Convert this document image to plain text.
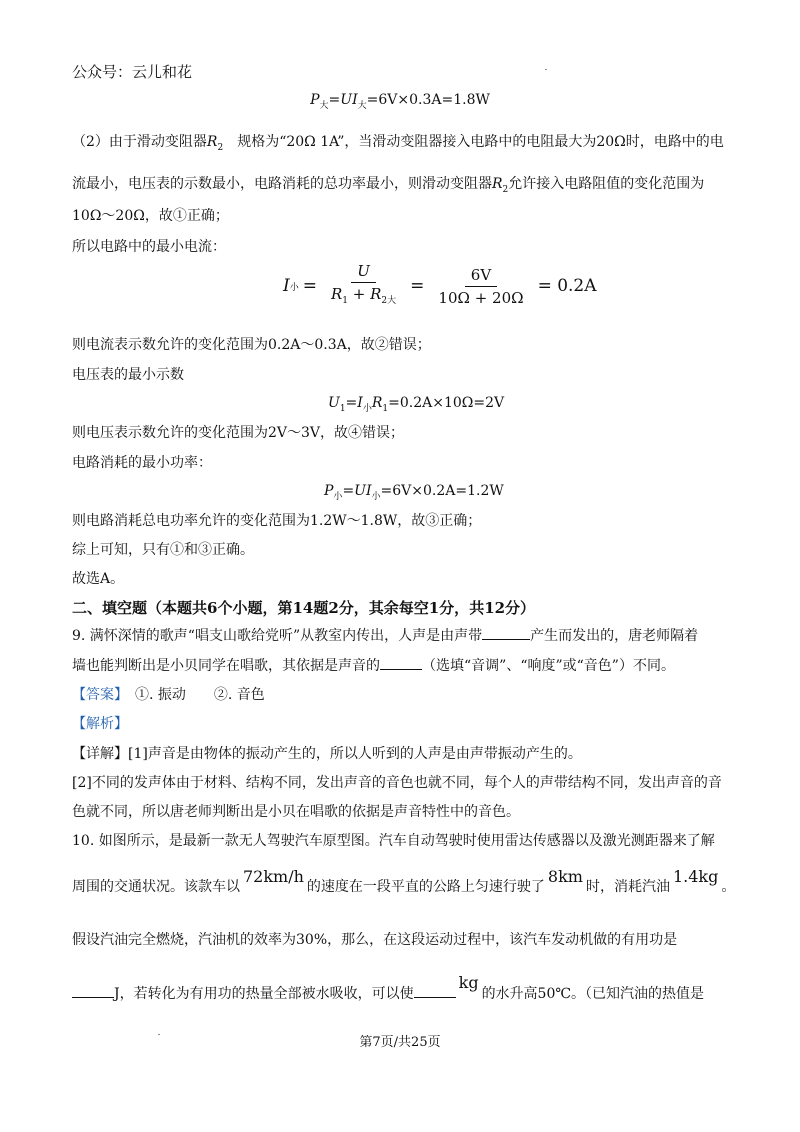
公众号：云儿和花
$P_大=UI_大=6V\times 0.3A=1.8W$
（2）由于滑动变阻器$R_2$　规格为“20Ω 1A”，当滑动变阻器接入电路中的电阻最大为20Ω时，电路中的电
流最小，电压表的示数最小，电路消耗的总功率最小，则滑动变阻器$R_2$允许接入电路阻值的变化范围为
10Ω～20Ω，故①正确；
所以电路中的最小电流：
I 小 = $\frac{U}{R_1 + R_{2大}} = \frac{6V}{10\Omega + 20\Omega} = 0.2A$
则电流表示数允许的变化范围为0.2A～0.3A，故②错误；
电压表的最小示数
$U_1=I_小R_1=0.2A\times 10\Omega=2V$
则电压表示数允许的变化范围为2V～3V，故④错误；
电路消耗的最小功率：
$P_小=UI_小=6V\times 0.2A=1.2W$
则电路消耗总电功率允许的变化范围为1.2W～1.8W，故③正确；
综上可知，只有①和③正确。
故选A。
二、填空题（本题共6个小题，第14题2分，其余每空1分，共12分）
9. 满怀深情的歌声“唱支山歌给党听”从教室内传出，人声是由声带	产生而发出的，唐老师隔着
墙也能判断出是小贝同学在唱歌，其依据是声音的	（选填“音调”、“响度”或“音色”）不同。
【答案】　①. 振动　　②. 音色
【解析】
【详解】[1]声音是由物体的振动产生的，所以人听到的人声是由声带振动产生的。
[2]不同的发声体由于材料、结构不同，发出声音的音色也就不同，每个人的声带结构不同，发出声音的音
色就不同，所以唐老师判断出是小贝在唱歌的依据是声音特性中的音色。
10. 如图所示，是最新一款无人驾驶汽车原型图。汽车自动驾驶时使用雷达传感器以及激光测距器来了解
周围的交通状况。该款车以72km/h的速度在一段平直的公路上匀速行驶了8km时，消耗汽油1.4kg。
假设汽油完全燃烧，汽油机的效率为30%，那么，在这段运动过程中，该汽车发动机做的有用功是
J，若转化为有用功的热量全部被水吸收，可以使kg的水升高50℃。（已知汽油的热值是
第7页/共25页
